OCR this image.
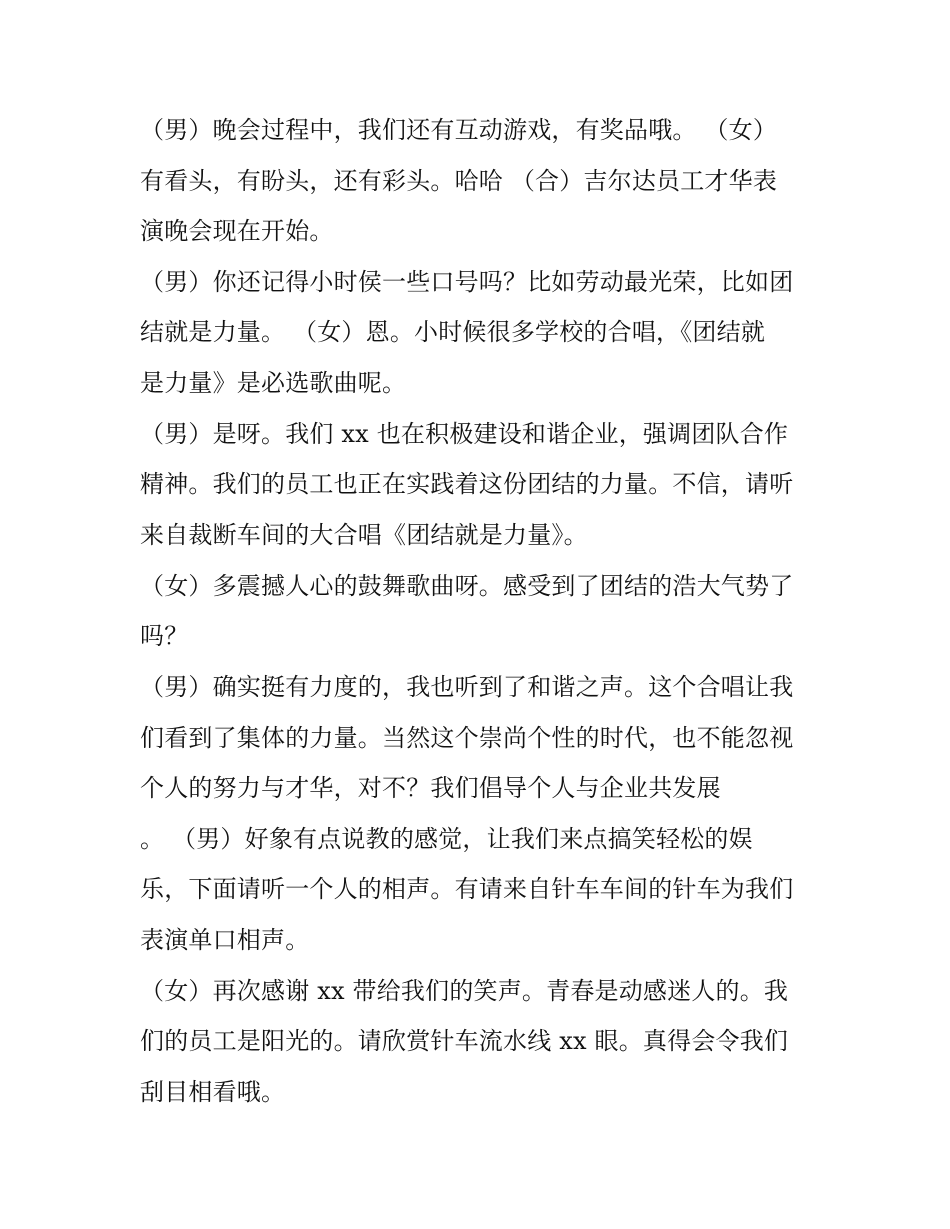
（男）晚会过程中，我们还有互动游戏，有奖品哦。 （女）
有看头，有盼头，还有彩头。哈哈 （合）吉尔达员工才华表
演晚会现在开始。
（男）你还记得小时侯一些口号吗？比如劳动最光荣，比如团
结就是力量。 （女）恩。小时候很多学校的合唱，《团结就
是力量》是必选歌曲呢。
（男）是呀。我们 xx 也在积极建设和谐企业，强调团队合作
精神。我们的员工也正在实践着这份团结的力量。不信，请听
来自裁断车间的大合唱《团结就是力量》。
（女）多震撼人心的鼓舞歌曲呀。感受到了团结的浩大气势了
吗？
（男）确实挺有力度的，我也听到了和谐之声。这个合唱让我
们看到了集体的力量。当然这个崇尚个性的时代，也不能忽视
个人的努力与才华，对不？我们倡导个人与企业共发展
。 （男）好象有点说教的感觉，让我们来点搞笑轻松的娱
乐，下面请听一个人的相声。有请来自针车车间的针车为我们
表演单口相声。
（女）再次感谢 xx 带给我们的笑声。青春是动感迷人的。我
们的员工是阳光的。请欣赏针车流水线 xx 眼。真得会令我们
刮目相看哦。
